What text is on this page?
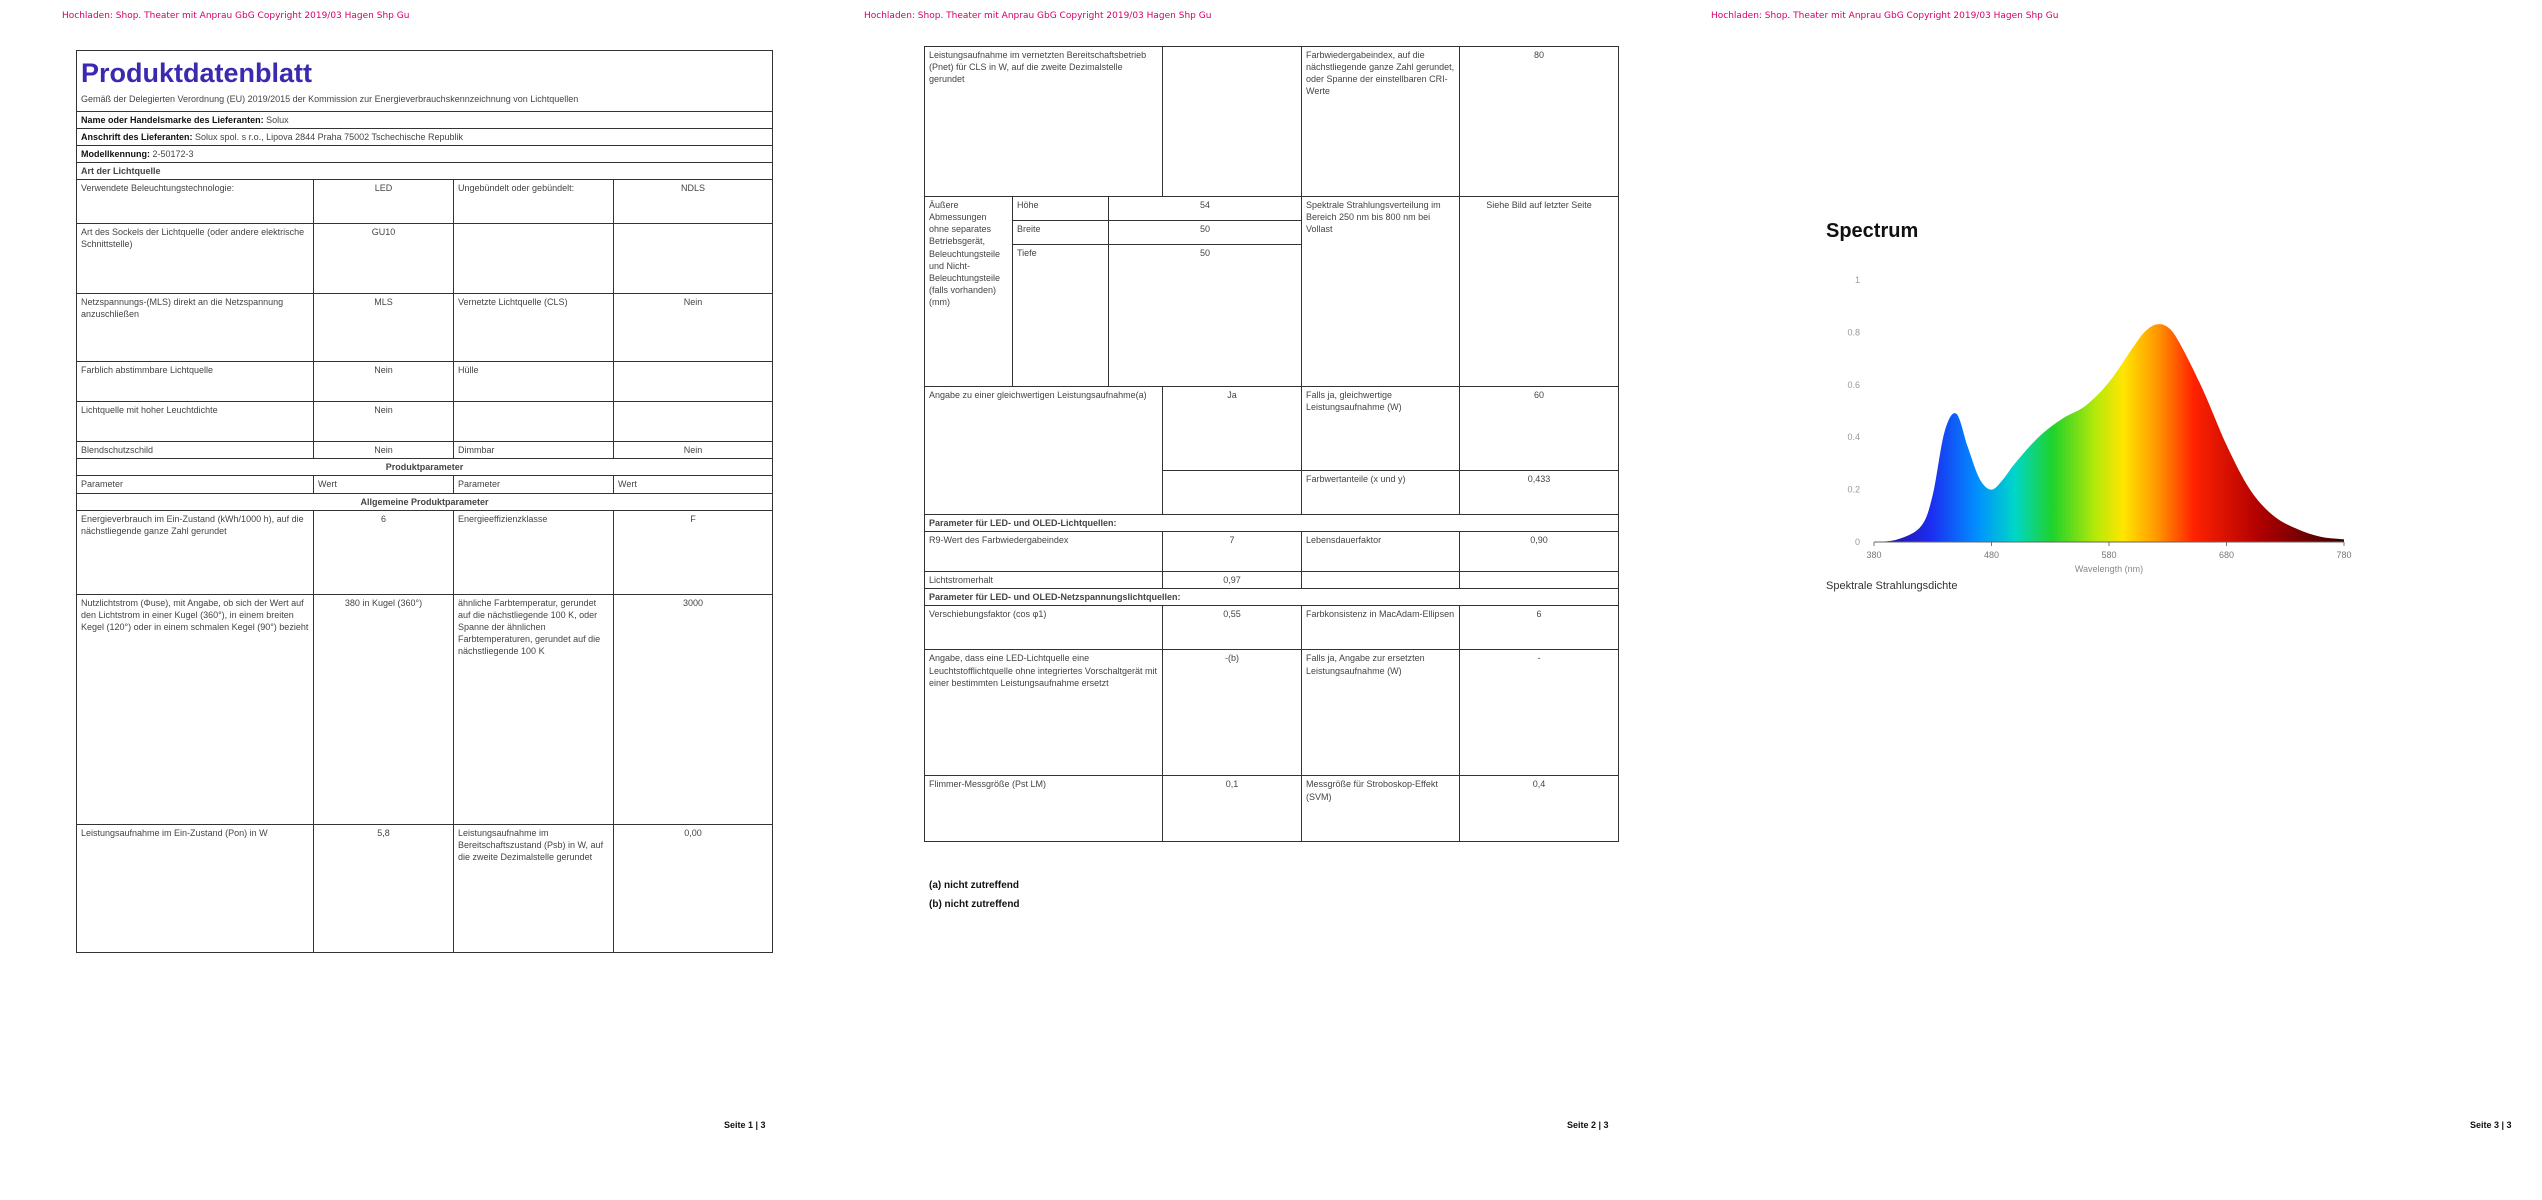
Hochladen: Shop. Theater mit Anprau GbG Copyright 2019/03 Hagen Shp Gu
Produktdatenblatt
Gemäß der Delegierten Verordnung (EU) 2019/2015 der Kommission zur Energieverbrauchskennzeichnung von Lichtquellen			

Name oder Handelsmarke des Lieferanten: Solux			
Anschrift des Lieferanten: Solux spol. s r.o., Lipova 2844 Praha 75002 Tschechische Republik			
Modellkennung: 2-50172-3			
Art der Lichtquelle			
Verwendete Beleuchtungstechnologie:	LED	Ungebündelt oder gebündelt:	NDLS
Art des Sockels der Lichtquelle (oder andere elektrische Schnittstelle)	GU10		
Netzspannungs-(MLS) direkt an die Netzspannung anzuschließen	MLS	Vernetzte Lichtquelle (CLS)	Nein
Farblich abstimmbare Lichtquelle	Nein	Hülle	
Lichtquelle mit hoher Leuchtdichte	Nein		
Blendschutzschild	Nein	Dimmbar	Nein
Produktparameter			
Parameter	Wert	Parameter	Wert
Allgemeine Produktparameter			
Energieverbrauch im Ein-Zustand (kWh/1000 h), auf die nächstliegende ganze Zahl gerundet	6	Energieeffizienzklasse	F
Nutzlichtstrom (Φuse), mit Angabe, ob sich der Wert auf den Lichtstrom in einer Kugel (360°), in einem breiten Kegel (120°) oder in einem schmalen Kegel (90°) bezieht	380 in Kugel (360°)	ähnliche Farbtemperatur, gerundet auf die nächstliegende 100 K, oder Spanne der ähnlichen Farbtemperaturen, gerundet auf die nächstliegende 100 K	3000
Leistungsaufnahme im Ein-Zustand (Pon) in W	5,8	Leistungsaufnahme im Bereitschaftszustand (Psb) in W, auf die zweite Dezimalstelle gerundet	0,00
Seite 1 | 3
Hochladen: Shop. Theater mit Anprau GbG Copyright 2019/03 Hagen Shp Gu
Leistungsaufnahme im vernetzten Bereitschaftsbetrieb (Pnet) für CLS in W, auf die zweite Dezimalstelle gerundet				Farbwiedergabeindex, auf die nächstliegende ganze Zahl gerundet, oder Spanne der einstellbaren CRI-Werte	80
Äußere Abmessungen ohne separates Betriebsgerät, Beleuchtungsteile und Nicht-Beleuchtungsteile (falls vorhanden) (mm)	Höhe	54		Spektrale Strahlungsverteilung im Bereich 250 nm bis 800 nm bei Vollast	Siehe Bild auf letzter Seite
	Breite	50			
	Tiefe	50			
Angabe zu einer gleichwertigen Leistungsaufnahme(a)			Ja	Falls ja, gleichwertige Leistungsaufnahme (W)	60
				Farbwertanteile (x und y)	0,433
Parameter für LED- und OLED-Lichtquellen:					
R9-Wert des Farbwiedergabeindex			7	Lebensdauerfaktor	0,90
Lichtstromerhalt			0,97		
Parameter für LED- und OLED-Netzspannungslichtquellen:					
Verschiebungsfaktor (cos φ1)			0,55	Farbkonsistenz in MacAdam-Ellipsen	6
Angabe, dass eine LED-Lichtquelle eine Leuchtstofflichtquelle ohne integriertes Vorschaltgerät mit einer bestimmten Leistungsaufnahme ersetzt			-(b)	Falls ja, Angabe zur ersetzten Leistungsaufnahme (W)	-
Flimmer-Messgröße (Pst LM)			0,1	Messgröße für Stroboskop-Effekt (SVM)	0,4
(a) nicht zutreffend
(b) nicht zutreffend
Seite 2 | 3
Hochladen: Shop. Theater mit Anprau GbG Copyright 2019/03 Hagen Shp Gu
Spectrum
380	480	580	680	780
0
0.2
0.4
0.6
0.8
1
Wavelength (nm)
Spektrale Strahlungsdichte
Seite 3 | 3
